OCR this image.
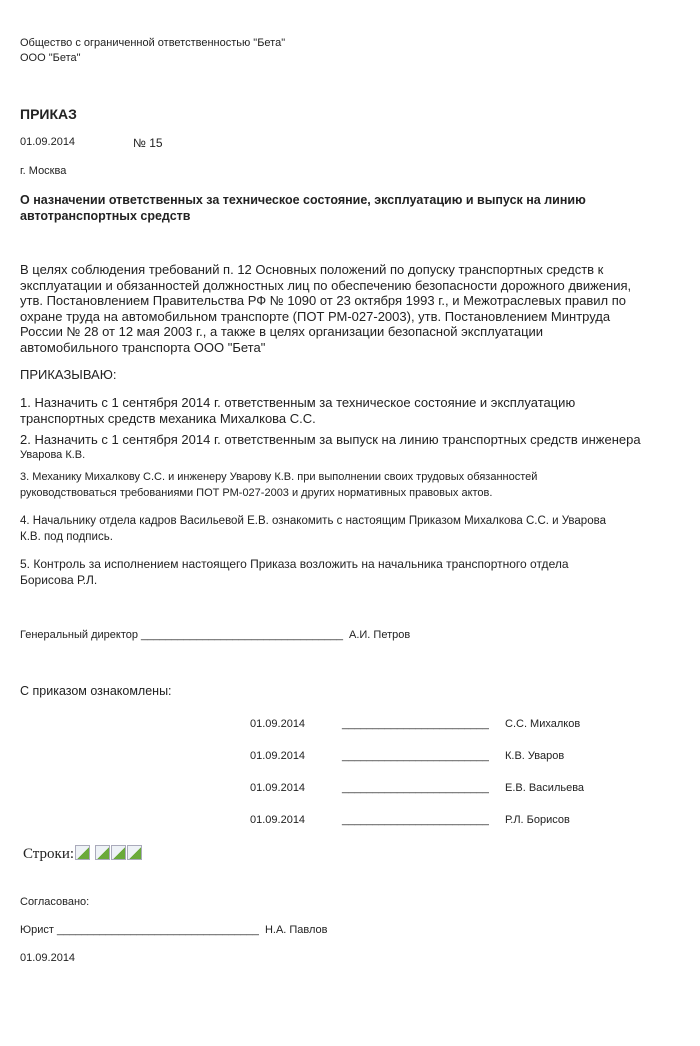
Общество с ограниченной ответственностью "Бета"
ООО "Бета"
ПРИКАЗ
01.09.2014	№ 15
г. Москва
О назначении ответственных за техническое состояние, эксплуатацию и выпуск на линию
автотранспортных средств
В целях соблюдения требований п. 12 Основных положений по допуску транспортных средств к
эксплуатации и обязанностей должностных лиц по обеспечению безопасности дорожного движения,
утв. Постановлением Правительства РФ № 1090 от 23 октября 1993 г., и Межотраслевых правил по
охране труда на автомобильном транспорте (ПОТ РМ-027-2003), утв. Постановлением Минтруда
России № 28 от 12 мая 2003 г., а также в целях организации безопасной эксплуатации
автомобильного транспорта ООО "Бета"
ПРИКАЗЫВАЮ:
1. Назначить с 1 сентября 2014 г. ответственным за техническое состояние и эксплуатацию
транспортных средств механика Михалкова С.С.
2. Назначить с 1 сентября 2014 г. ответственным за выпуск на линию транспортных средств инженера
Уварова К.В.
3. Механику Михалкову С.С. и инженеру Уварову К.В. при выполнении своих трудовых обязанностей
руководствоваться требованиями ПОТ РМ-027-2003 и других нормативных правовых актов.
4. Начальнику отдела кадров Васильевой Е.В. ознакомить с настоящим Приказом Михалкова С.С. и Уварова
К.В. под подпись.
5. Контроль за исполнением настоящего Приказа возложить на начальника транспортного отдела
Борисова Р.Л.
Генеральный директор _________________________________ А.И. Петров
С приказом ознакомлены:
01.09.2014	________________________ С.С. Михалков
01.09.2014	________________________ К.В. Уваров
01.09.2014	________________________ Е.В. Васильева
01.09.2014	________________________ Р.Л. Борисов
Строки:
Согласовано:
Юрист _________________________________ Н.А. Павлов
01.09.2014
